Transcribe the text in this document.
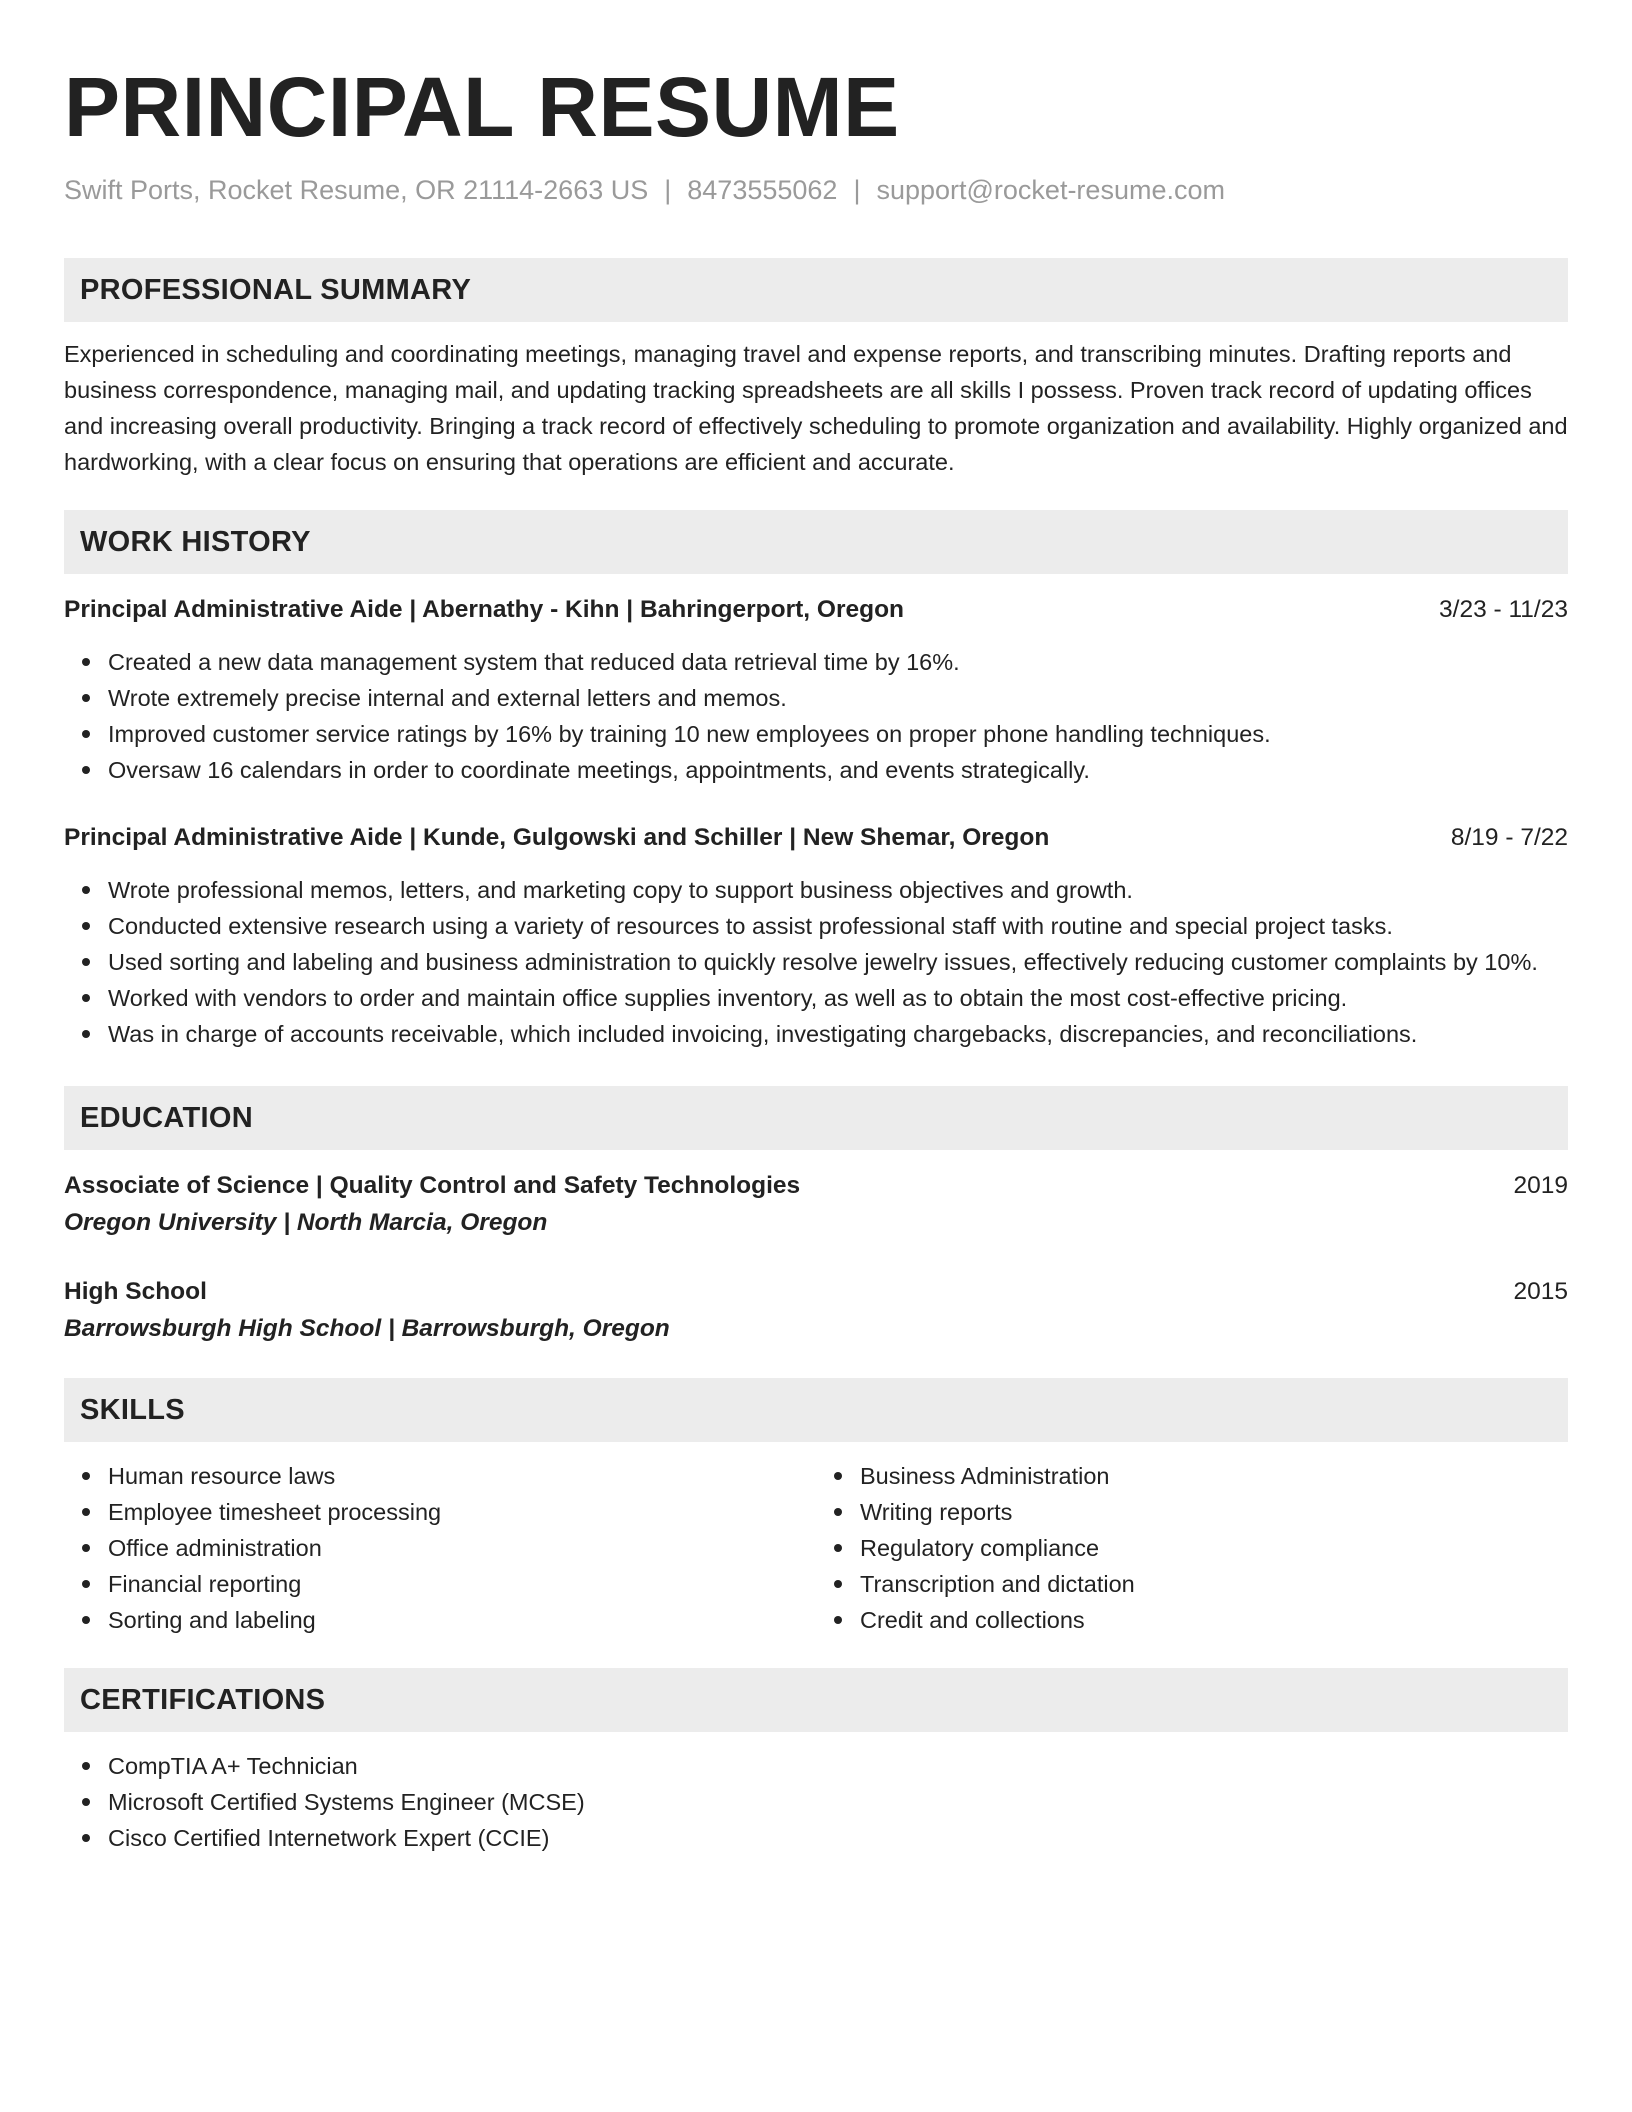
PRINCIPAL RESUME
Swift Ports, Rocket Resume, OR 21114-2663 US | 8473555062 | support@rocket-resume.com
PROFESSIONAL SUMMARY

Experienced in scheduling and coordinating meetings, managing travel and expense reports, and transcribing minutes. Drafting reports and business correspondence, managing mail, and updating tracking spreadsheets are all skills I possess. Proven track record of updating offices and increasing overall productivity. Bringing a track record of effectively scheduling to promote organization and availability. Highly organized and hardworking, with a clear focus on ensuring that operations are efficient and accurate.

WORK HISTORY
Principal Administrative Aide | Abernathy - Kihn | Bahringerport, Oregon	3/23 - 11/23
Created a new data management system that reduced data retrieval time by 16%.
Wrote extremely precise internal and external letters and memos.
Improved customer service ratings by 16% by training 10 new employees on proper phone handling techniques.
Oversaw 16 calendars in order to coordinate meetings, appointments, and events strategically.
Principal Administrative Aide | Kunde, Gulgowski and Schiller | New Shemar, Oregon	8/19 - 7/22
Wrote professional memos, letters, and marketing copy to support business objectives and growth.
Conducted extensive research using a variety of resources to assist professional staff with routine and special project tasks.
Used sorting and labeling and business administration to quickly resolve jewelry issues, effectively reducing customer complaints by 10%.
Worked with vendors to order and maintain office supplies inventory, as well as to obtain the most cost-effective pricing.
Was in charge of accounts receivable, which included invoicing, investigating chargebacks, discrepancies, and reconciliations.
EDUCATION
Associate of Science | Quality Control and Safety Technologies	2019
Oregon University | North Marcia, Oregon
High School	2015
Barrowsburgh High School | Barrowsburgh, Oregon
SKILLS
Human resource laws
Employee timesheet processing
Office administration
Financial reporting
Sorting and labeling
Business Administration
Writing reports
Regulatory compliance
Transcription and dictation
Credit and collections
CERTIFICATIONS
CompTIA A+ Technician
Microsoft Certified Systems Engineer (MCSE)
Cisco Certified Internetwork Expert (CCIE)
